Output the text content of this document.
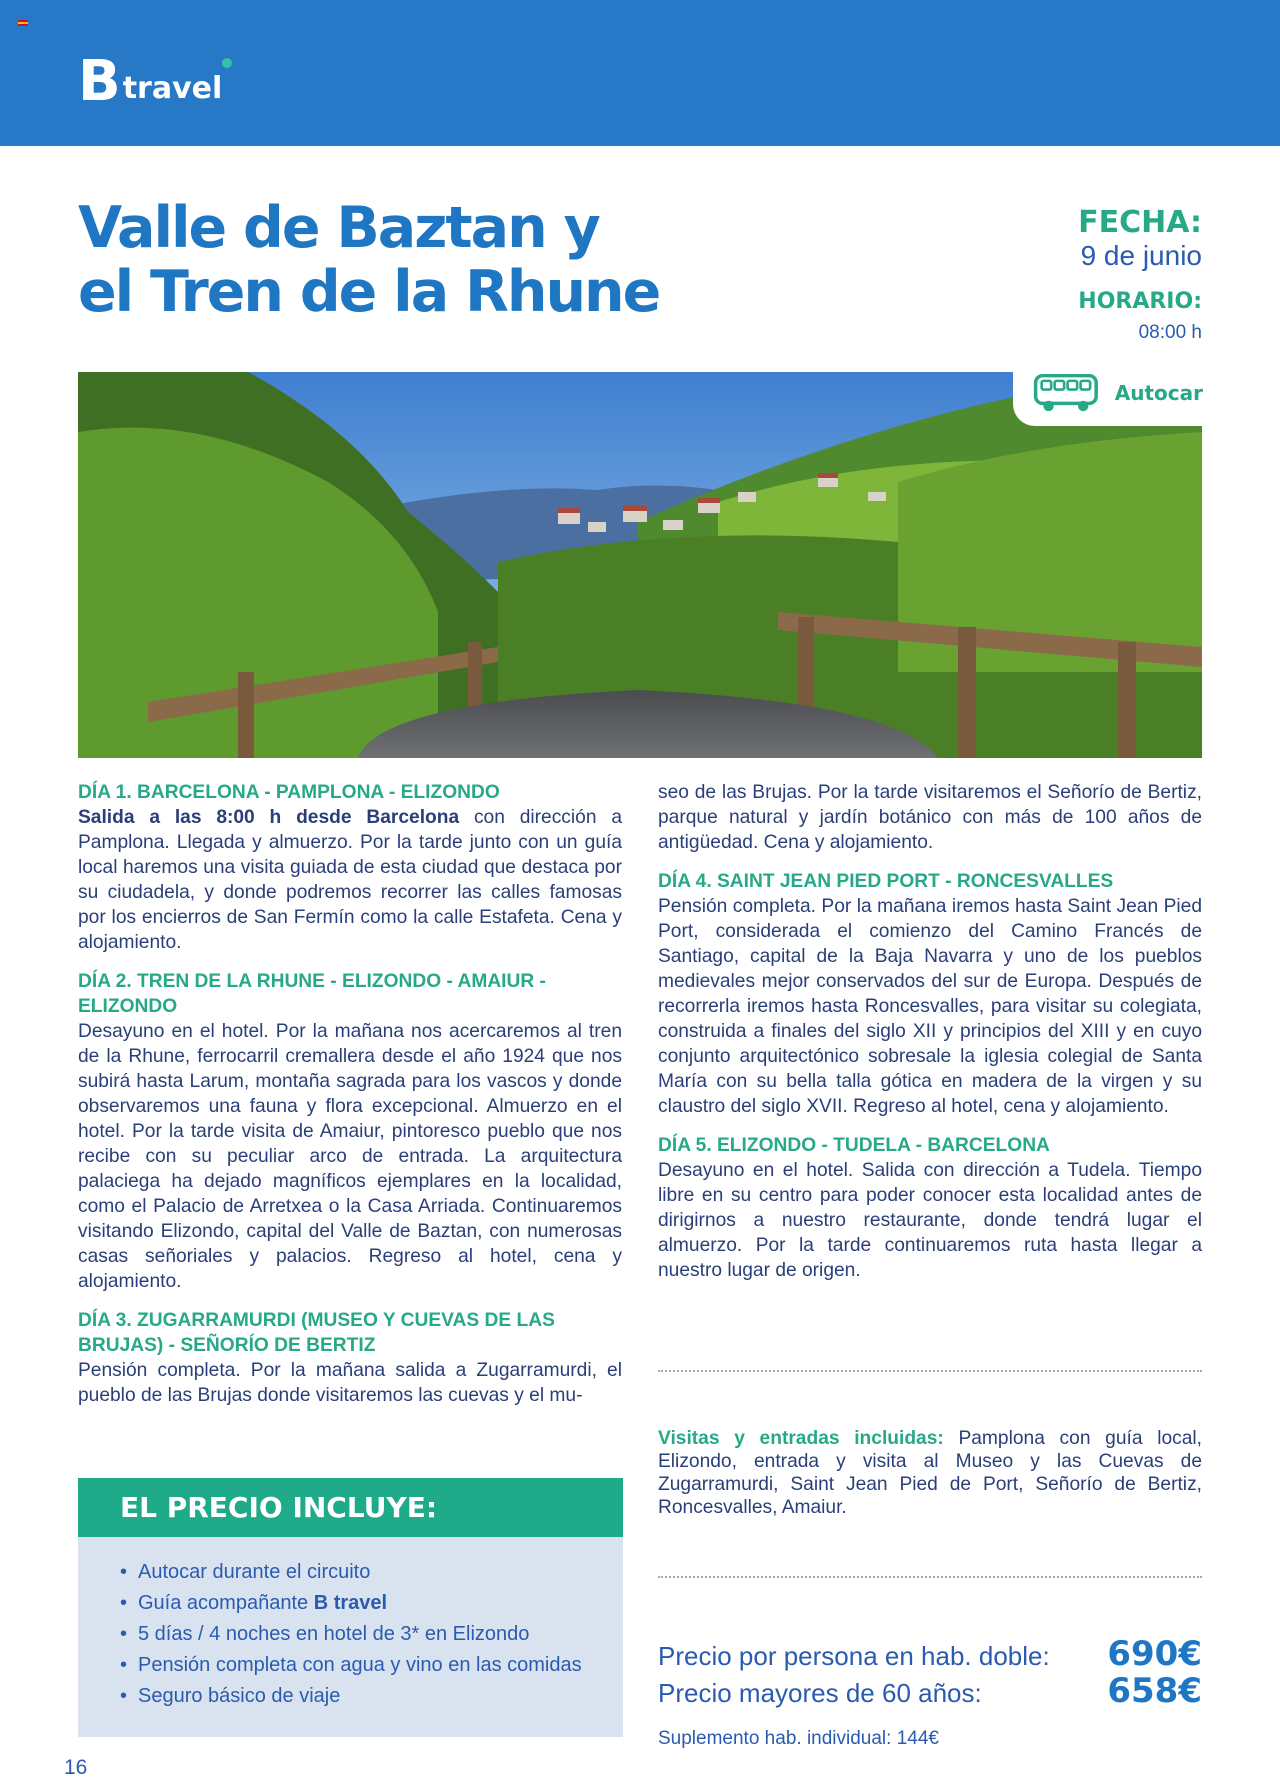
B travel
Valle de Baztan y
el Tren de la Rhune
FECHA:
9 de junio
HORARIO:
08:00 h
Autocar

DÍA 1. BARCELONA - PAMPLONA - ELIZONDO

Salida a las 8:00 h desde Barcelona con dirección a Pamplona. Llegada y almuerzo. Por la tarde junto con un guía local haremos una visita guiada de esta ciudad que destaca por su ciudadela, y donde podremos recorrer las calles famosas por los encierros de San Fermín como la calle Estafeta. Cena y alojamiento.

DÍA 2. TREN DE LA RHUNE - ELIZONDO - AMAIUR - ELIZONDO

Desayuno en el hotel. Por la mañana nos acercaremos al tren de la Rhune, ferrocarril cremallera desde el año 1924 que nos subirá hasta Larum, montaña sagrada para los vascos y donde observaremos una fauna y flora excepcional. Almuerzo en el hotel. Por la tarde visita de Amaiur, pintoresco pueblo que nos recibe con su peculiar arco de entrada. La arquitectura palaciega ha dejado magníficos ejemplares en la localidad, como el Palacio de Arretxea o la Casa Arriada. Continuaremos visitando Elizondo, capital del Valle de Baztan, con numerosas casas señoriales y palacios. Regreso al hotel, cena y alojamiento.

DÍA 3. ZUGARRAMURDI (MUSEO Y CUEVAS DE LAS BRUJAS) - SEÑORÍO DE BERTIZ

Pensión completa. Por la mañana salida a Zugarramurdi, el pueblo de las Brujas donde visitaremos las cuevas y el mu-

seo de las Brujas. Por la tarde visitaremos el Señorío de Bertiz, parque natural y jardín botánico con más de 100 años de antigüedad. Cena y alojamiento.

DÍA 4. SAINT JEAN PIED PORT - RONCESVALLES

Pensión completa. Por la mañana iremos hasta Saint Jean Pied Port, considerada el comienzo del Camino Francés de Santiago, capital de la Baja Navarra y uno de los pueblos medievales mejor conservados del sur de Europa. Después de recorrerla iremos hasta Roncesvalles, para visitar su colegiata, construida a finales del siglo XII y principios del XIII y en cuyo conjunto arquitectónico sobresale la iglesia colegial de Santa María con su bella talla gótica en madera de la virgen y su claustro del siglo XVII. Regreso al hotel, cena y alojamiento.

DÍA 5. ELIZONDO - TUDELA - BARCELONA

Desayuno en el hotel. Salida con dirección a Tudela. Tiempo libre en su centro para poder conocer esta localidad antes de dirigirnos a nuestro restaurante, donde tendrá lugar el almuerzo. Por la tarde continuaremos ruta hasta llegar a nuestro lugar de origen.

Visitas y entradas incluidas: Pamplona con guía local, Elizondo, entrada y visita al Museo y las Cuevas de Zugarramurdi, Saint Jean Pied de Port, Señorío de Bertiz, Roncesvalles, Amaiur.

EL PRECIO INCLUYE:
• Autocar durante el circuito
• Guía acompañante B travel
• 5 días / 4 noches en hotel de 3* en Elizondo
• Pensión completa con agua y vino en las comidas
• Seguro básico de viaje
Precio por persona en hab. doble: 690€
Precio mayores de 60 años:	658€
Suplemento hab. individual: 144€
16
